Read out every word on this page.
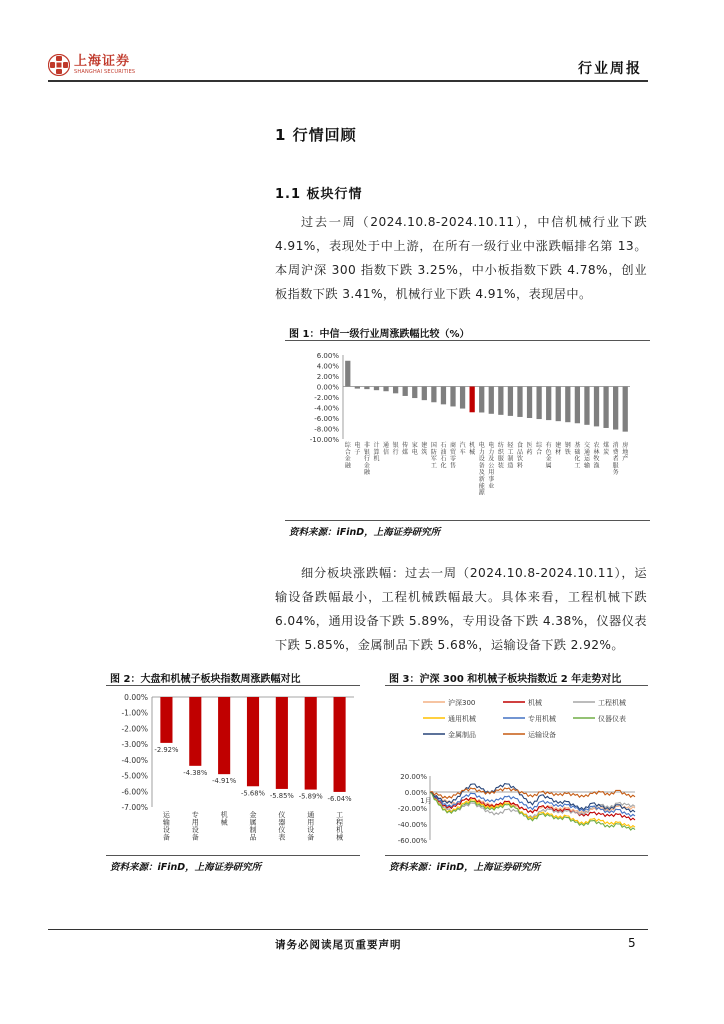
上海证券
SHANGHAI SECURITIES	行业周报
1 行情回顾
1.1 板块行情
过去一周（2024.10.8-2024.10.11），中信机械行业下跌 4.91%，表现处于中上游，在所有一级行业中涨跌幅排名第 13。本周沪深 300 指数下跌 3.25%，中小板指数下跌 4.78%，创业板指数下跌 3.41%，机械行业下跌 4.91%，表现居中。
图 1：中信一级行业周涨跌幅比较（%）
6.00%
4.00%
2.00%
0.00%
-2.00%
-4.00%
-6.00%
-8.00%
-10.00%
综
合
金
融
电
子
非
银
行
金
融
计
算
机
通
信
银
行
传
媒
家
电
建
筑
国
防
军
工
石
油
石
化
商
贸
零
售
汽
车
机
械
电
力
设
备
及
新
能
源
电
力
及
公
用
事
业
纺
织
服
装
轻
工
制
造
食
品
饮
料
医
药
综
合
有
色
金
属
建
材
钢
铁
基
础
化
工
交
通
运
输
农
林
牧
渔
煤
炭
消
费
者
服
务
房
地
产
资料来源：iFinD，上海证券研究所
细分板块涨跌幅：过去一周（2024.10.8-2024.10.11），运输设备跌幅最小，工程机械跌幅最大。具体来看，工程机械下跌 6.04%，通用设备下跌 5.89%，专用设备下跌 4.38%，仪器仪表下跌 5.85%，金属制品下跌 5.68%，运输设备下跌 2.92%。
图 2：大盘和机械子板块指数周涨跌幅对比
0.00%
-1.00%
-2.00%
-3.00%
-4.00%
-5.00%
-6.00%
-7.00%
-2.92%
运
输
设
备
-4.38%
专
用
设
备
-4.91%
机
械
-5.68%
金
属
制
品
-5.85%
仪
器
仪
表
-5.89%
通
用
设
备
-6.04%
工
程
机
械
资料来源：iFinD，上海证券研究所
图 3：沪深 300 和机械子板块指数近 2 年走势对比
沪深300	机械	工程机械
通用机械	专用机械	仪器仪表
金属制品	运输设备
20.00%
0.00%
-20.00%
-40.00%
-60.00%
1月
资料来源：iFinD，上海证券研究所
请务必阅读尾页重要声明	5
